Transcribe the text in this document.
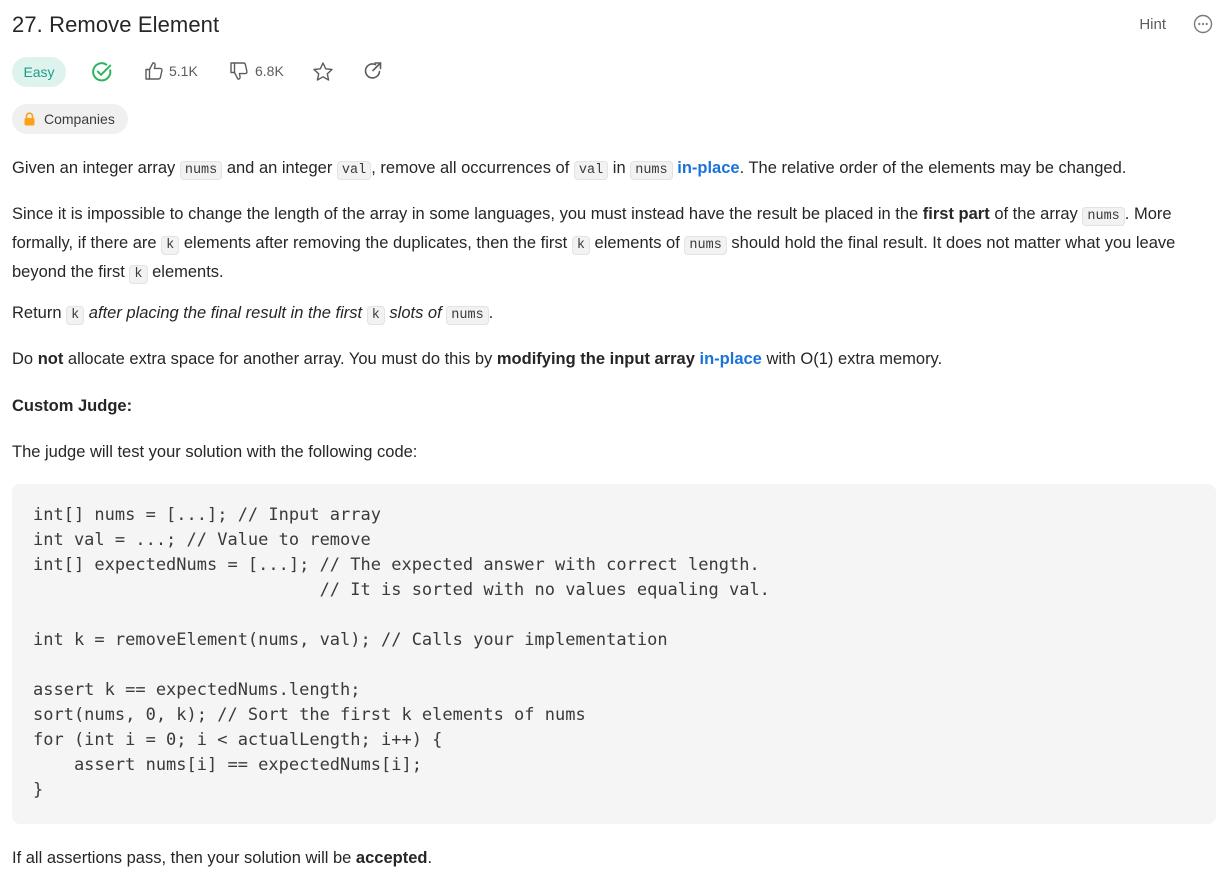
27. Remove Element	Hint
Easy	5.1K	6.8K
Companies
Given an integer array nums and an integer val , remove all occurrences of val in nums in-place. The relative order of the elements may be changed.
Since it is impossible to change the length of the array in some languages, you must instead have the result be placed in the first part of the array nums . More formally, if there are k elements after removing the duplicates, then the first k elements of nums should hold the final result. It does not matter what you leave beyond the first k elements.
Return k after placing the final result in the first k slots of nums .
Do not allocate extra space for another array. You must do this by modifying the input array in-place with O(1) extra memory.
Custom Judge:
The judge will test your solution with the following code:
int[] nums = [...]; // Input array
int val = ...; // Value to remove
int[] expectedNums = [...]; // The expected answer with correct length.
// It is sorted with no values equaling val.

int k = removeElement(nums, val); // Calls your implementation

assert k == expectedNums.length;
sort(nums, 0, k); // Sort the first k elements of nums
for (int i = 0; i < actualLength; i++) {
assert nums[i] == expectedNums[i];
}
If all assertions pass, then your solution will be accepted.
